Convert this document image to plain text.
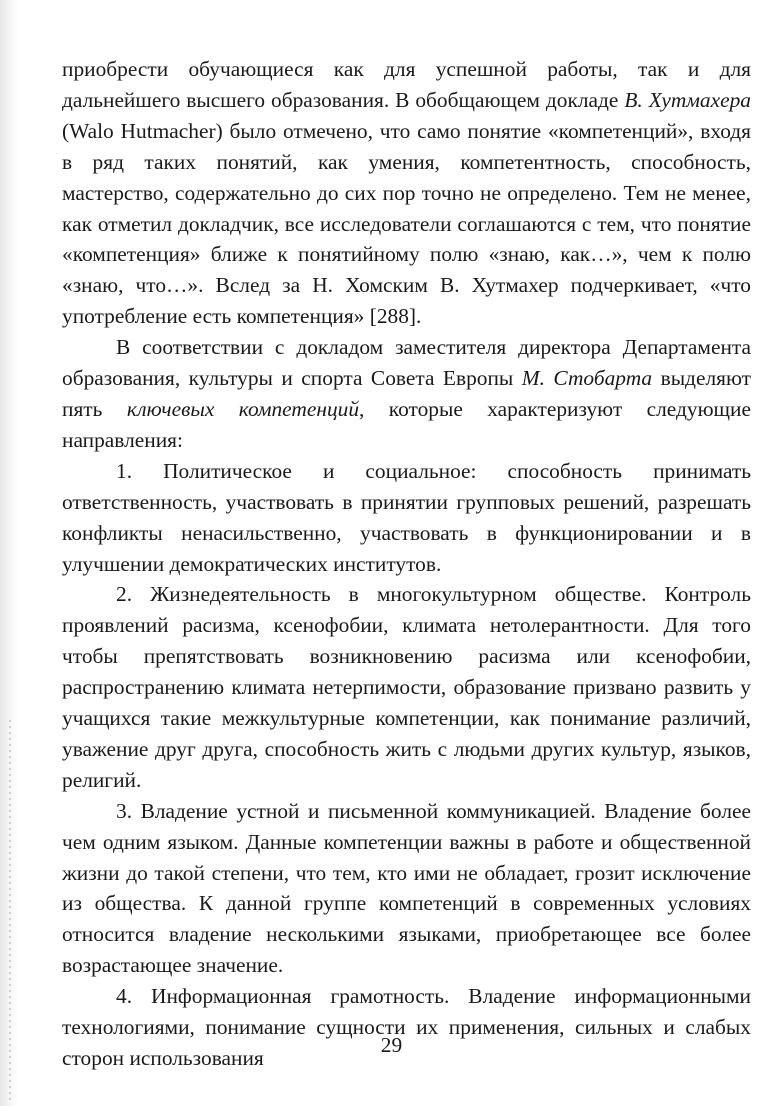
приобрести обучающиеся как для успешной работы, так и для дальнейшего высшего образования. В обобщающем докладе В. Хутмахера (Walo Hutmacher) было отмечено, что само понятие «компетенций», входя в ряд таких понятий, как умения, компетентность, способность, мастерство, содержательно до сих пор точно не определено. Тем не менее, как отметил докладчик, все исследователи соглашаются с тем, что понятие «компетенция» ближе к понятийному полю «знаю, как…», чем к полю «знаю, что…». Вслед за Н. Хомским В. Хутмахер подчеркивает, «что употребление есть компетенция» [288].

В соответствии с докладом заместителя директора Департамента образования, культуры и спорта Совета Европы М. Стобарта выделяют пять ключевых компетенций, которые характеризуют следующие направления:

1. Политическое и социальное: способность принимать ответственность, участвовать в принятии групповых решений, разрешать конфликты ненасильственно, участвовать в функционировании и в улучшении демократических институтов.

2. Жизнедеятельность в многокультурном обществе. Контроль проявлений расизма, ксенофобии, климата нетолерантности. Для того чтобы препятствовать возникновению расизма или ксенофобии, распространению климата нетерпимости, образование призвано развить у учащихся такие межкультурные компетенции, как понимание различий, уважение друг друга, способность жить с людьми других культур, языков, религий.

3. Владение устной и письменной коммуникацией. Владение более чем одним языком. Данные компетенции важны в работе и общественной жизни до такой степени, что тем, кто ими не обладает, грозит исключение из общества. К данной группе компетенций в современных условиях относится владение несколькими языками, приобретающее все более возрастающее значение.

4. Информационная грамотность. Владение информационными технологиями, понимание сущности их применения, сильных и слабых сторон использования

29
